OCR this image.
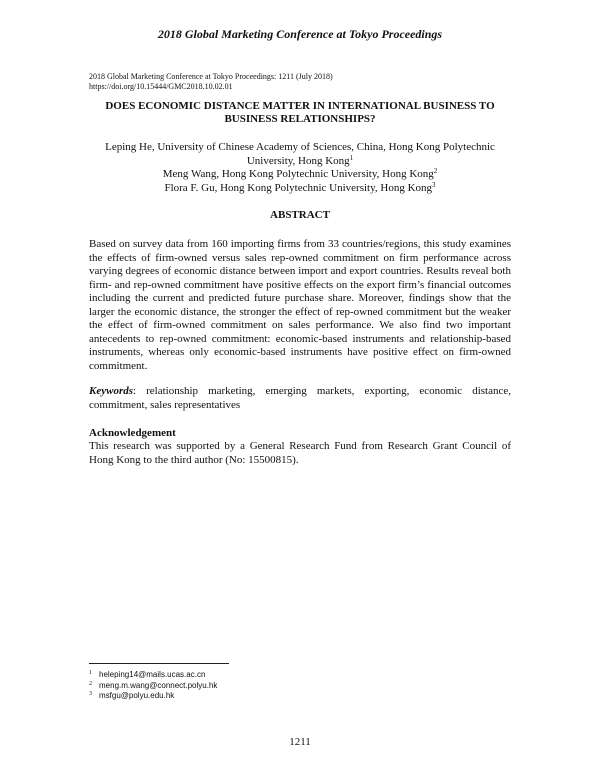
2018 Global Marketing Conference at Tokyo Proceedings
2018 Global Marketing Conference at Tokyo Proceedings: 1211 (July 2018)
https://doi.org/10.15444/GMC2018.10.02.01
DOES ECONOMIC DISTANCE MATTER IN INTERNATIONAL BUSINESS TO BUSINESS RELATIONSHIPS?
Leping He, University of Chinese Academy of Sciences, China, Hong Kong Polytechnic University, Hong Kong$^1$
Meng Wang, Hong Kong Polytechnic University, Hong Kong$^2$
Flora F. Gu, Hong Kong Polytechnic University, Hong Kong$^3$
ABSTRACT

Based on survey data from 160 importing firms from 33 countries/regions, this study examines the effects of firm-owned versus sales rep-owned commitment on firm performance across varying degrees of economic distance between import and export countries. Results reveal both firm- and rep-owned commitment have positive effects on the export firm’s financial outcomes including the current and predicted future purchase share. Moreover, findings show that the larger the economic distance, the stronger the effect of rep-owned commitment but the weaker the effect of firm-owned commitment on sales performance. We also find two important antecedents to rep-owned commitment: economic-based instruments and relationship-based instruments, whereas only economic-based instruments have positive effect on firm-owned commitment.

Keywords: relationship marketing, emerging markets, exporting, economic distance, commitment, sales representatives

Acknowledgement

This research was supported by a General Research Fund from Research Grant Council of Hong Kong to the third author (No: 15500815).

1 heleping14@mails.ucas.ac.cn
2 meng.m.wang@connect.polyu.hk
3 msfgu@polyu.edu.hk
1211
